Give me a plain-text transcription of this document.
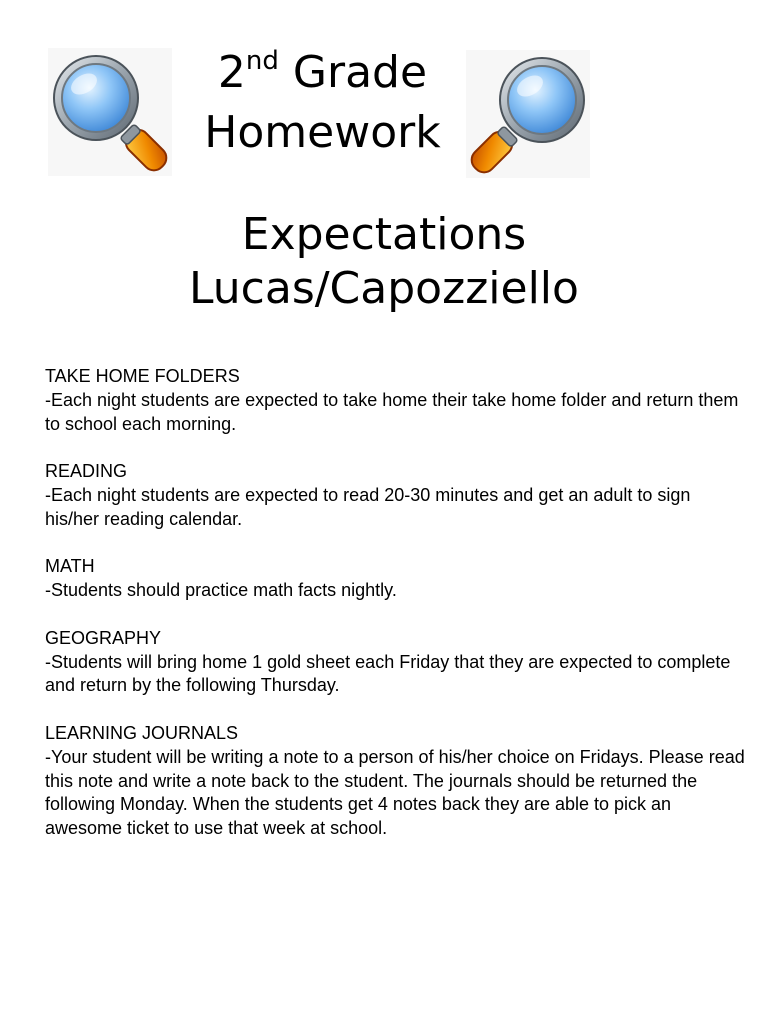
2nd Grade
Homework
Expectations
Lucas/Capozziello
TAKE HOME FOLDERS
-Each night students are expected to take home their take home folder and return them to school each morning.
READING
-Each night students are expected to read 20-30 minutes and get an adult to sign his/her reading calendar.
MATH
-Students should practice math facts nightly.
GEOGRAPHY
-Students will bring home 1 gold sheet each Friday that they are expected to complete and return by the following Thursday.
LEARNING JOURNALS
-Your student will be writing a note to a person of his/her choice on Fridays. Please read this note and write a note back to the student. The journals should be returned the following Monday. When the students get 4 notes back they are able to pick an awesome ticket to use that week at school.
